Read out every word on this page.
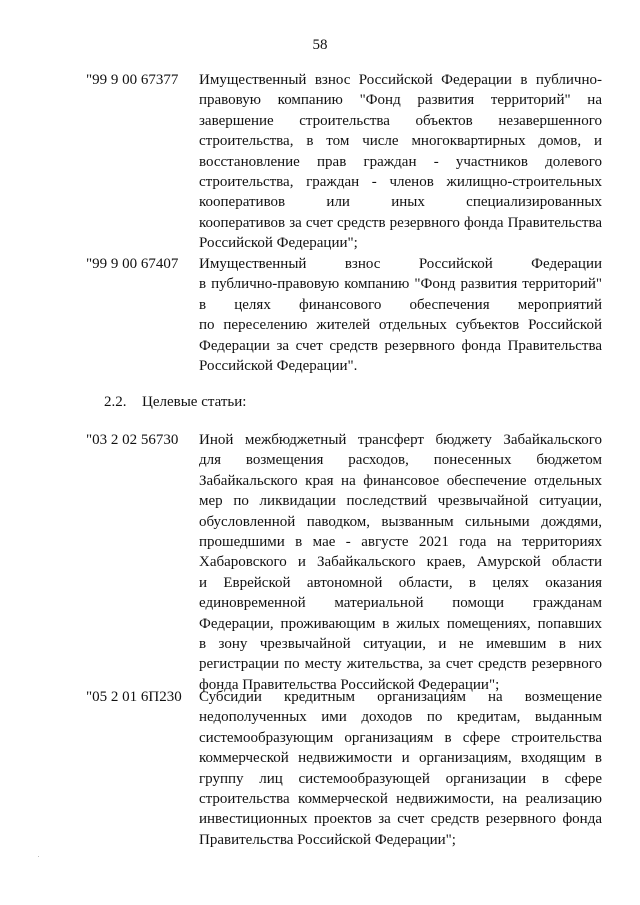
58
"99 9 00 67377 Имущественный взнос Российской Федерации в публично-
правовую компанию "Фонд развития территорий" на
завершение строительства объектов незавершенного
строительства, в том числе многоквартирных домов, и
восстановление прав граждан - участников долевого
строительства, граждан - членов жилищно-строительных
кооперативов или иных специализированных
кооперативов за счет средств резервного фонда Правительства
Российской Федерации";
"99 9 00 67407 Имущественный взнос Российской Федерации
в публично-правовую компанию "Фонд развития территорий"
в целях финансового обеспечения мероприятий
по переселению жителей отдельных субъектов Российской
Федерации за счет средств резервного фонда Правительства
Российской Федерации".
2.2. Целевые статьи:
"03 2 02 56730 Иной межбюджетный трансферт бюджету Забайкальского
для возмещения расходов, понесенных бюджетом
Забайкальского края на финансовое обеспечение отдельных
мер по ликвидации последствий чрезвычайной ситуации,
обусловленной паводком, вызванным сильными дождями,
прошедшими в мае - августе 2021 года на территориях
Хабаровского и Забайкальского краев, Амурской области
и Еврейской автономной области, в целях оказания
единовременной материальной помощи гражданам
Федерации, проживающим в жилых помещениях, попавших
в зону чрезвычайной ситуации, и не имевшим в них
регистрации по месту жительства, за счет средств резервного
фонда Правительства Российской Федерации";
"05 2 01 6П230 Субсидии кредитным организациям на возмещение
недополученных ими доходов по кредитам, выданным
системообразующим организациям в сфере строительства
коммерческой недвижимости и организациям, входящим в
группу лиц системообразующей организации в сфере
строительства коммерческой недвижимости, на реализацию
инвестиционных проектов за счет средств резервного фонда
Правительства Российской Федерации";
